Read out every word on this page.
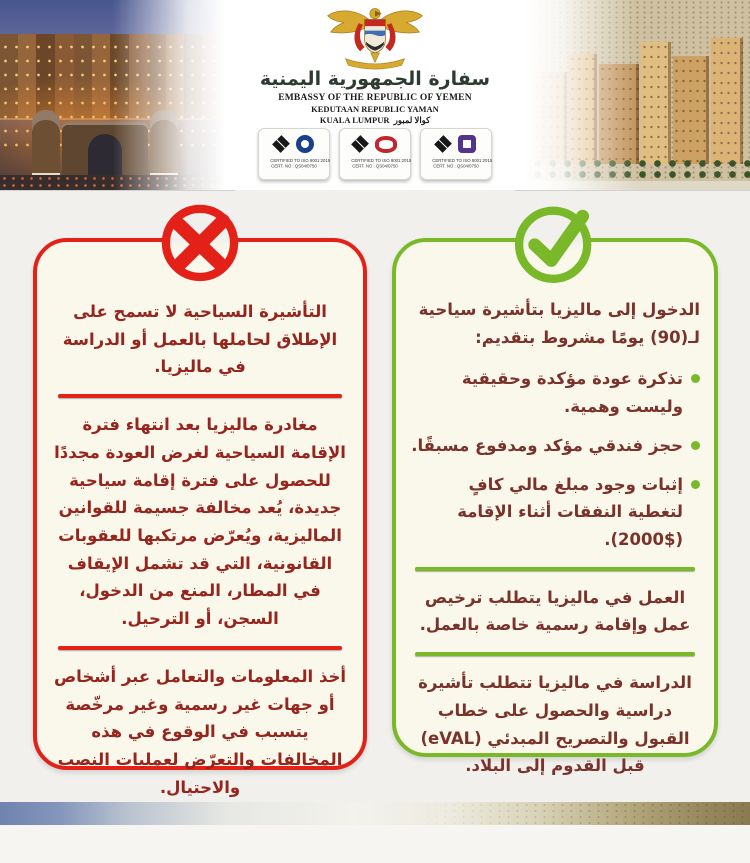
سفارة الجمهورية اليمنية
EMBASSY OF THE REPUBLIC OF YEMEN
KEDUTAAN REPUBLIC YAMAN
KUALA LUMPUR كوالا لمبور
CERTIFIED TO ISO 9001:2015
CERT. NO : QS04/0750
CERTIFIED TO ISO 9001:2015
CERT. NO : QS04/0750
CERTIFIED TO ISO 9001:2015
CERT. NO : QS04/0750

التأشيرة السياحية لا تسمح على الإطلاق لحاملها بالعمل أو الدراسة في ماليزيا.

مغادرة ماليزيا بعد انتهاء فترة الإقامة السياحية لغرض العودة مجددًا للحصول على فترة إقامة سياحية جديدة، يُعد مخالفة جسيمة للقوانين الماليزية، ويُعرّض مرتكبها للعقوبات القانونية، التي قد تشمل الإيقاف في المطار، المنع من الدخول، السجن، أو الترحيل.

أخذ المعلومات والتعامل عبر أشخاص أو جهات غير رسمية وغير مرخّصة يتسبب في الوقوع في هذه المخالفات والتعرّض لعمليات النصب والاحتيال.

الدخول إلى ماليزيا بتأشيرة سياحية لـ(90) يومًا مشروط بتقديم:

تذكرة عودة مؤكدة وحقيقية وليست وهمية.

حجز فندقي مؤكد ومدفوع مسبقًا.

إثبات وجود مبلغ مالي كافٍ لتغطية النفقات أثناء الإقامة ($2000).

العمل في ماليزيا يتطلب ترخيص عمل وإقامة رسمية خاصة بالعمل.

الدراسة في ماليزيا تتطلب تأشيرة دراسية والحصول على خطاب القبول والتصريح المبدئي (eVAL) قبل القدوم إلى البلاد.
